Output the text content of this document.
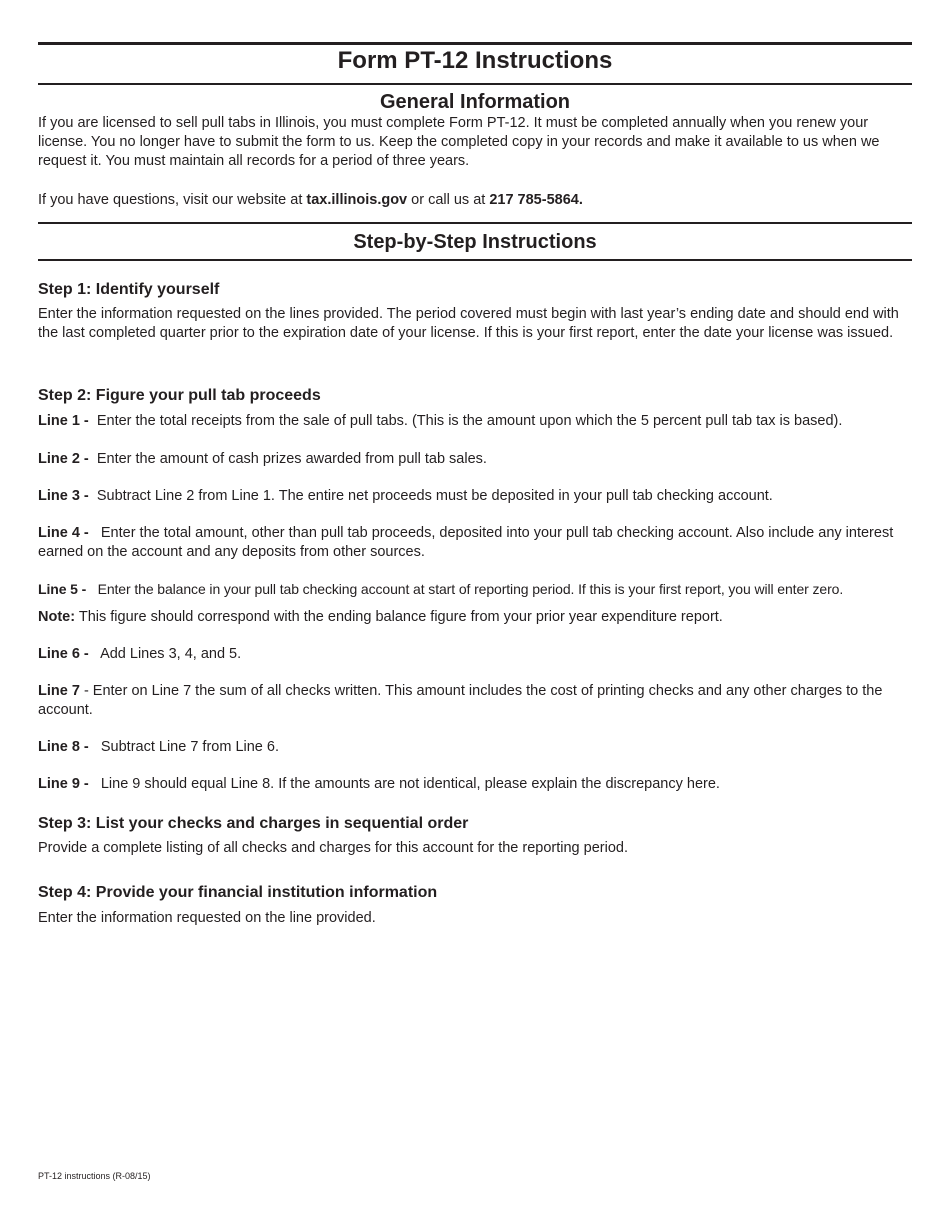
Form PT-12 Instructions
General Information

If you are licensed to sell pull tabs in Illinois, you must complete Form PT-12. It must be completed annually when you renew your license. You no longer have to submit the form to us. Keep the completed copy in your records and make it available to us when we request it. You must maintain all records for a period of three years.

If you have questions, visit our website at tax.illinois.gov or call us at 217 785-5864.

Step-by-Step Instructions
Step 1: Identify yourself

Enter the information requested on the lines provided. The period covered must begin with last year’s ending date and should end with the last completed quarter prior to the expiration date of your license. If this is your first report, enter the date your license was issued.

Step 2: Figure your pull tab proceeds

Line 1 - Enter the total receipts from the sale of pull tabs. (This is the amount upon which the 5 percent pull tab tax is based).

Line 2 - Enter the amount of cash prizes awarded from pull tab sales.

Line 3 - Subtract Line 2 from Line 1. The entire net proceeds must be deposited in your pull tab checking account.

Line 4 - Enter the total amount, other than pull tab proceeds, deposited into your pull tab checking account. Also include any interest earned on the account and any deposits from other sources.

Line 5 - Enter the balance in your pull tab checking account at start of reporting period. If this is your first report, you will enter zero.

Note: This figure should correspond with the ending balance figure from your prior year expenditure report.

Line 6 - Add Lines 3, 4, and 5.

Line 7 - Enter on Line 7 the sum of all checks written. This amount includes the cost of printing checks and any other charges to the account.

Line 8 - Subtract Line 7 from Line 6.

Line 9 - Line 9 should equal Line 8. If the amounts are not identical, please explain the discrepancy here.

Step 3: List your checks and charges in sequential order

Provide a complete listing of all checks and charges for this account for the reporting period.

Step 4: Provide your financial institution information

Enter the information requested on the line provided.

PT-12 instructions (R-08/15)
